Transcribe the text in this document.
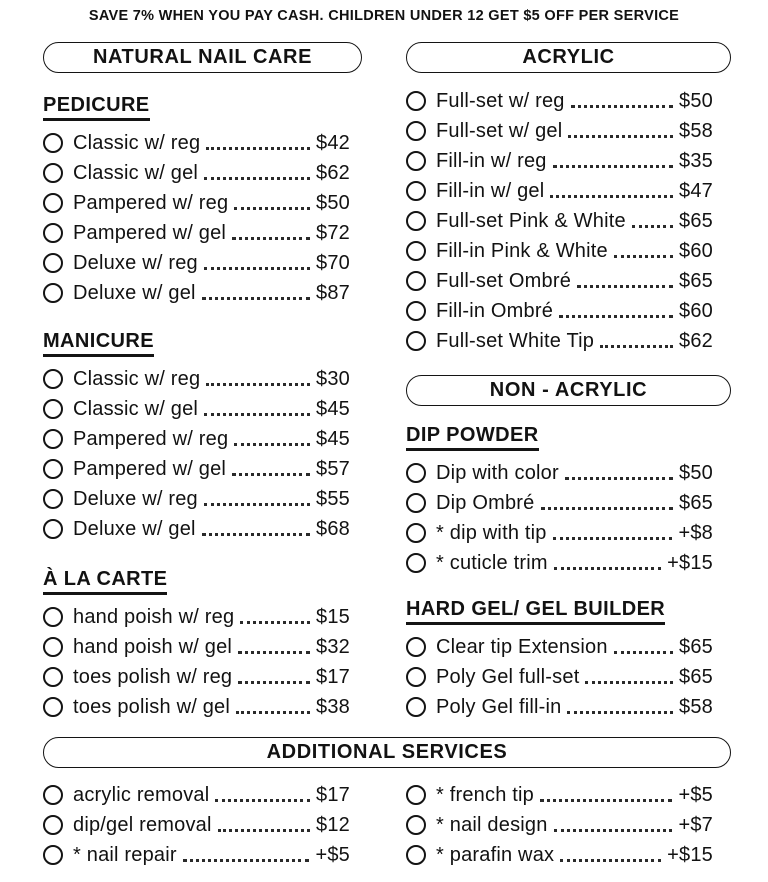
SAVE 7% WHEN YOU PAY CASH. CHILDREN UNDER 12 GET $5 OFF PER SERVICE
NATURAL NAIL CARE
PEDICURE
Classic w/ reg	$42
Classic w/ gel	$62
Pampered w/ reg	$50
Pampered w/ gel	$72
Deluxe w/ reg	$70
Deluxe w/ gel	$87
MANICURE
Classic w/ reg	$30
Classic w/ gel	$45
Pampered w/ reg	$45
Pampered w/ gel	$57
Deluxe w/ reg	$55
Deluxe w/ gel	$68
À LA CARTE
hand poish w/ reg	$15
hand poish w/ gel	$32
toes polish w/ reg	$17
toes polish w/ gel	$38
ACRYLIC
Full-set w/ reg	$50
Full-set w/ gel	$58
Fill-in w/ reg	$35
Fill-in w/ gel	$47
Full-set Pink & White	$65
Fill-in Pink & White	$60
Full-set Ombré	$65
Fill-in Ombré	$60
Full-set White Tip	$62
NON - ACRYLIC
DIP POWDER
Dip with color	$50
Dip Ombré	$65
* dip with tip	+$8
* cuticle trim	+$15
HARD GEL/ GEL BUILDER
Clear tip Extension	$65
Poly Gel full-set	$65
Poly Gel fill-in	$58
ADDITIONAL SERVICES
acrylic removal	$17
dip/gel removal	$12
* nail repair	+$5
* french tip	+$5
* nail design	+$7
* parafin wax	+$15
